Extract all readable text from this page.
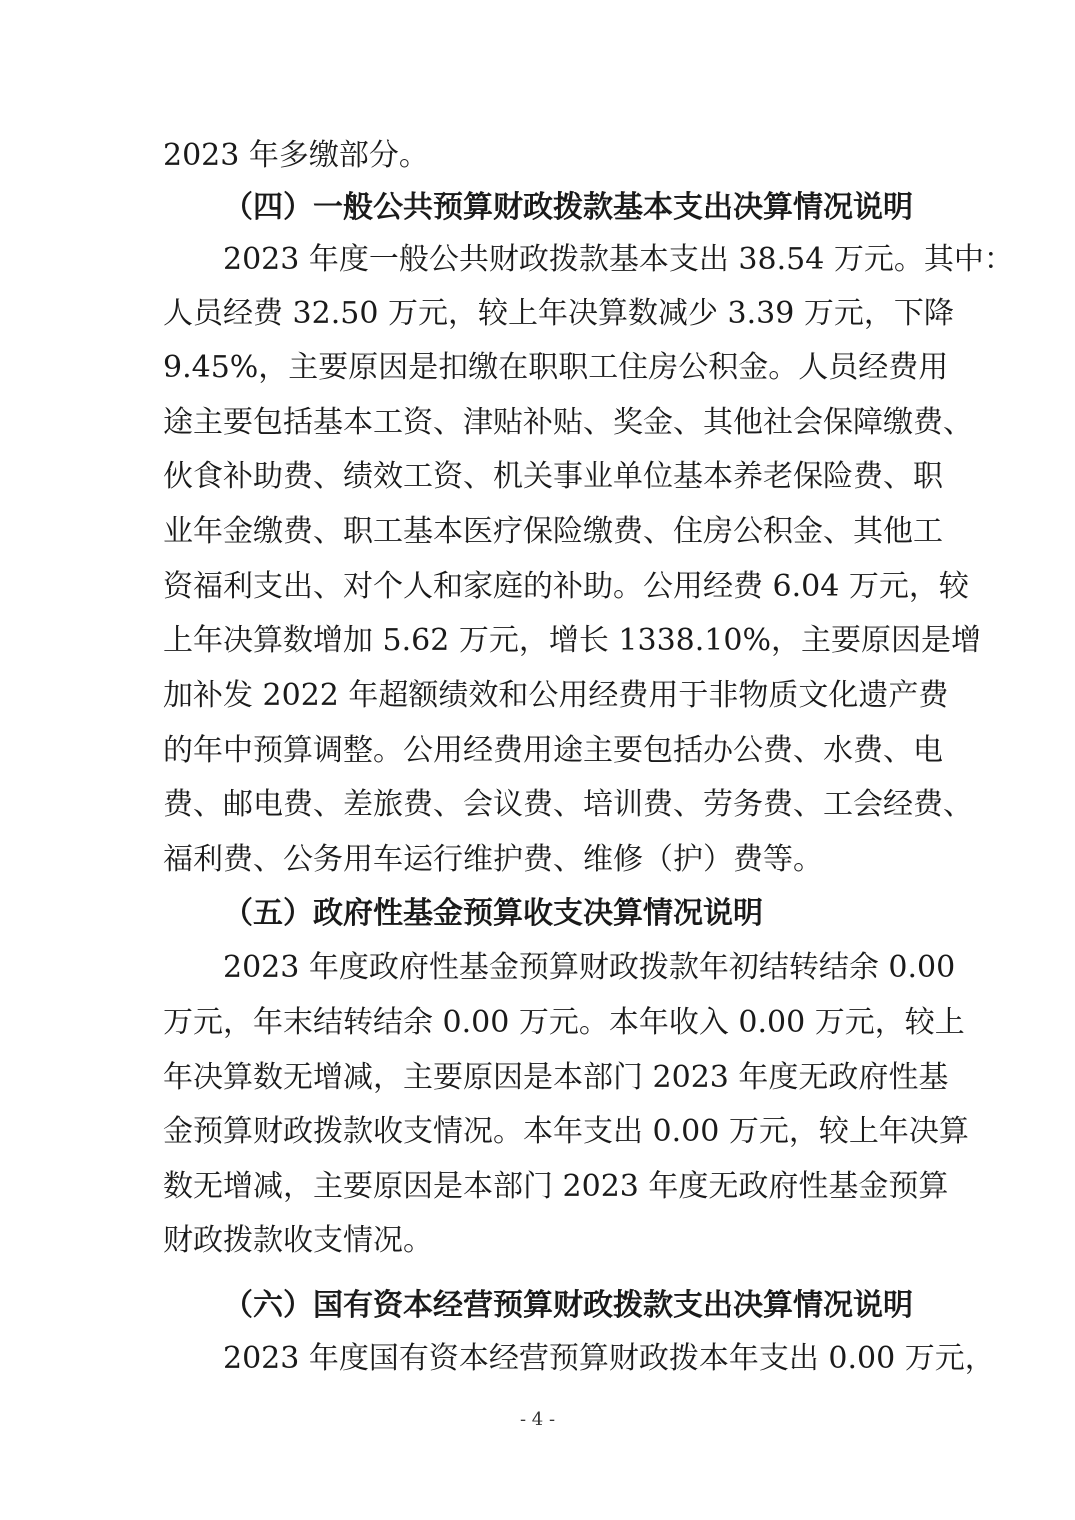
2023 年多缴部分。
（四）一般公共预算财政拨款基本支出决算情况说明
2023 年度一般公共财政拨款基本支出 38.54 万元。其中：
人员经费 32.50 万元，较上年决算数减少 3.39 万元，下降
9.45%，主要原因是扣缴在职职工住房公积金。人员经费用
途主要包括基本工资、津贴补贴、奖金、其他社会保障缴费、
伙食补助费、绩效工资、机关事业单位基本养老保险费、职
业年金缴费、职工基本医疗保险缴费、住房公积金、其他工
资福利支出、对个人和家庭的补助。公用经费 6.04 万元，较
上年决算数增加 5.62 万元，增长 1338.10%，主要原因是增
加补发 2022 年超额绩效和公用经费用于非物质文化遗产费
的年中预算调整。公用经费用途主要包括办公费、水费、电
费、邮电费、差旅费、会议费、培训费、劳务费、工会经费、
福利费、公务用车运行维护费、维修（护）费等。
（五）政府性基金预算收支决算情况说明
2023 年度政府性基金预算财政拨款年初结转结余 0.00
万元，年末结转结余 0.00 万元。本年收入 0.00 万元，较上
年决算数无增减，主要原因是本部门 2023 年度无政府性基
金预算财政拨款收支情况。本年支出 0.00 万元，较上年决算
数无增减，主要原因是本部门 2023 年度无政府性基金预算
财政拨款收支情况。
（六）国有资本经营预算财政拨款支出决算情况说明
2023 年度国有资本经营预算财政拨本年支出 0.00 万元，
- 4 -
